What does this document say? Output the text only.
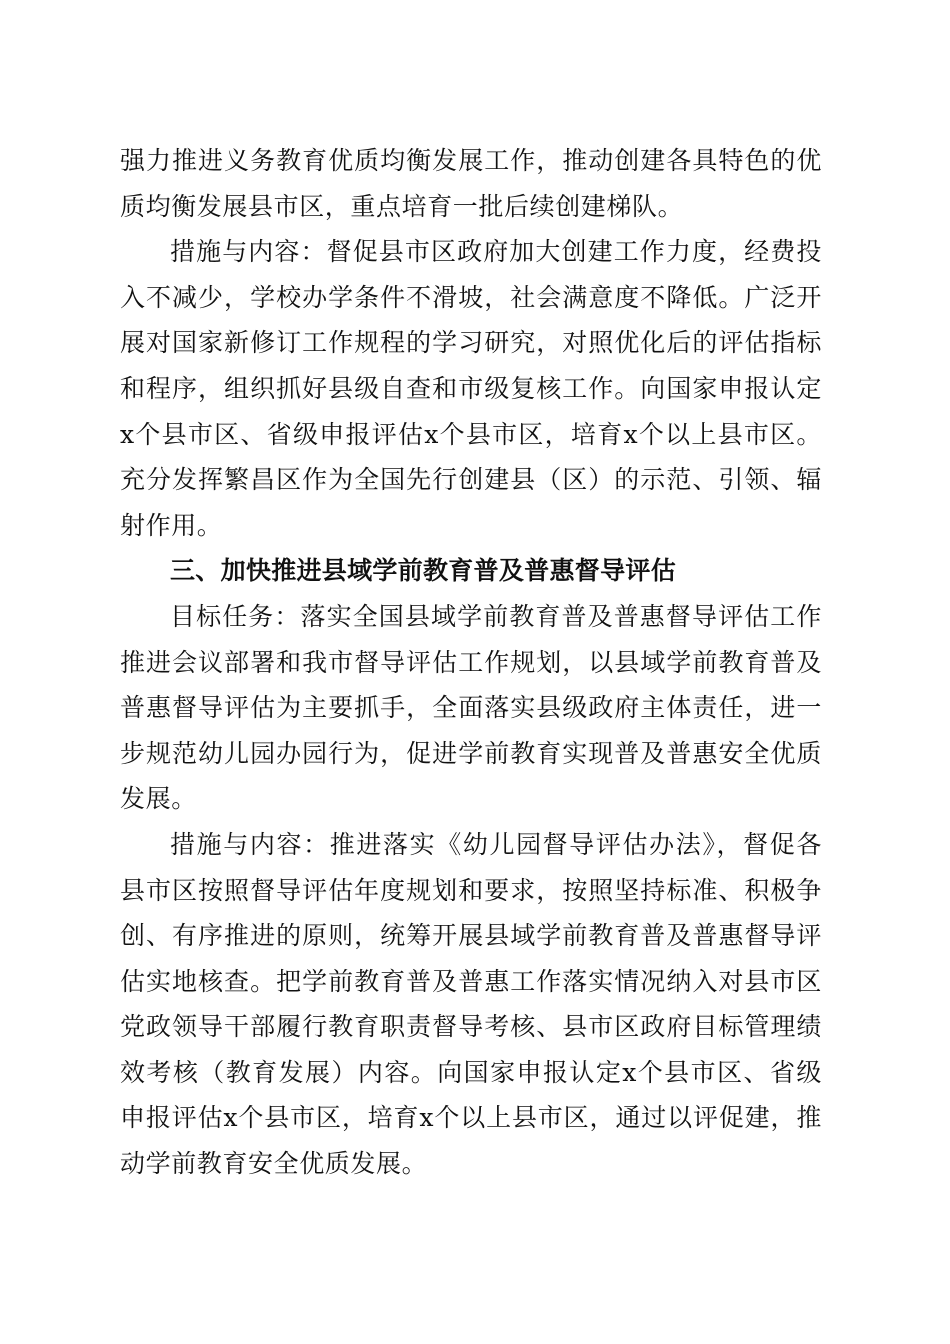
强力推进义务教育优质均衡发展工作，推动创建各具特色的优质均衡发展县市区，重点培育一批后续创建梯队。

措施与内容：督促县市区政府加大创建工作力度，经费投入不减少，学校办学条件不滑坡，社会满意度不降低。广泛开展对国家新修订工作规程的学习研究，对照优化后的评估指标和程序，组织抓好县级自查和市级复核工作。向国家申报认定x个县市区、省级申报评估x个县市区，培育x个以上县市区。充分发挥繁昌区作为全国先行创建县（区）的示范、引领、辐射作用。

三、加快推进县域学前教育普及普惠督导评估

目标任务：落实全国县域学前教育普及普惠督导评估工作推进会议部署和我市督导评估工作规划，以县域学前教育普及普惠督导评估为主要抓手，全面落实县级政府主体责任，进一步规范幼儿园办园行为，促进学前教育实现普及普惠安全优质发展。

措施与内容：推进落实《幼儿园督导评估办法》，督促各县市区按照督导评估年度规划和要求，按照坚持标准、积极争创、有序推进的原则，统筹开展县域学前教育普及普惠督导评估实地核查。把学前教育普及普惠工作落实情况纳入对县市区党政领导干部履行教育职责督导考核、县市区政府目标管理绩效考核（教育发展）内容。向国家申报认定x个县市区、省级申报评估x个县市区，培育x个以上县市区，通过以评促建，推动学前教育安全优质发展。
